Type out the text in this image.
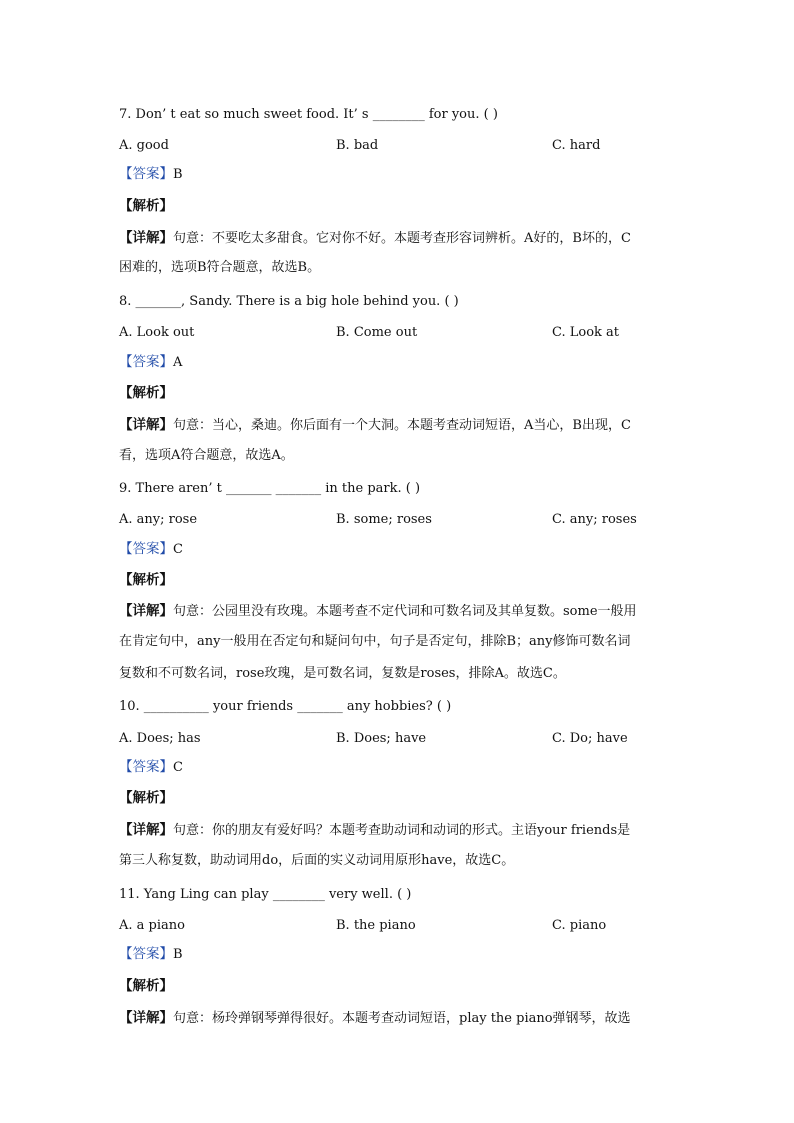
7. Don’ t eat so much sweet food. It’ s ________ for you. ( )
A. good	B. bad	C. hard
【答案】B
【解析】
【详解】句意：不要吃太多甜食。它对你不好。本题考查形容词辨析。A好的，B坏的，C
困难的，选项B符合题意，故选B。
8. _______, Sandy. There is a big hole behind you. ( )
A. Look out	B. Come out	C. Look at
【答案】A
【解析】
【详解】句意：当心，桑迪。你后面有一个大洞。本题考查动词短语，A当心，B出现，C
看，选项A符合题意，故选A。
9. There aren’ t _______ _______ in the park. ( )
A. any; rose	B. some; roses	C. any; roses
【答案】C
【解析】
【详解】句意：公园里没有玫瑰。本题考查不定代词和可数名词及其单复数。some一般用
在肯定句中，any一般用在否定句和疑问句中，句子是否定句，排除B；any修饰可数名词
复数和不可数名词，rose玫瑰，是可数名词，复数是roses，排除A。故选C。
10. __________ your friends _______ any hobbies? ( )
A. Does; has	B. Does; have	C. Do; have
【答案】C
【解析】
【详解】句意：你的朋友有爱好吗？本题考查助动词和动词的形式。主语your friends是
第三人称复数，助动词用do，后面的实义动词用原形have，故选C。
11. Yang Ling can play ________ very well. ( )
A. a piano	B. the piano	C. piano
【答案】B
【解析】
【详解】句意：杨玲弹钢琴弹得很好。本题考查动词短语，play the piano弹钢琴，故选
